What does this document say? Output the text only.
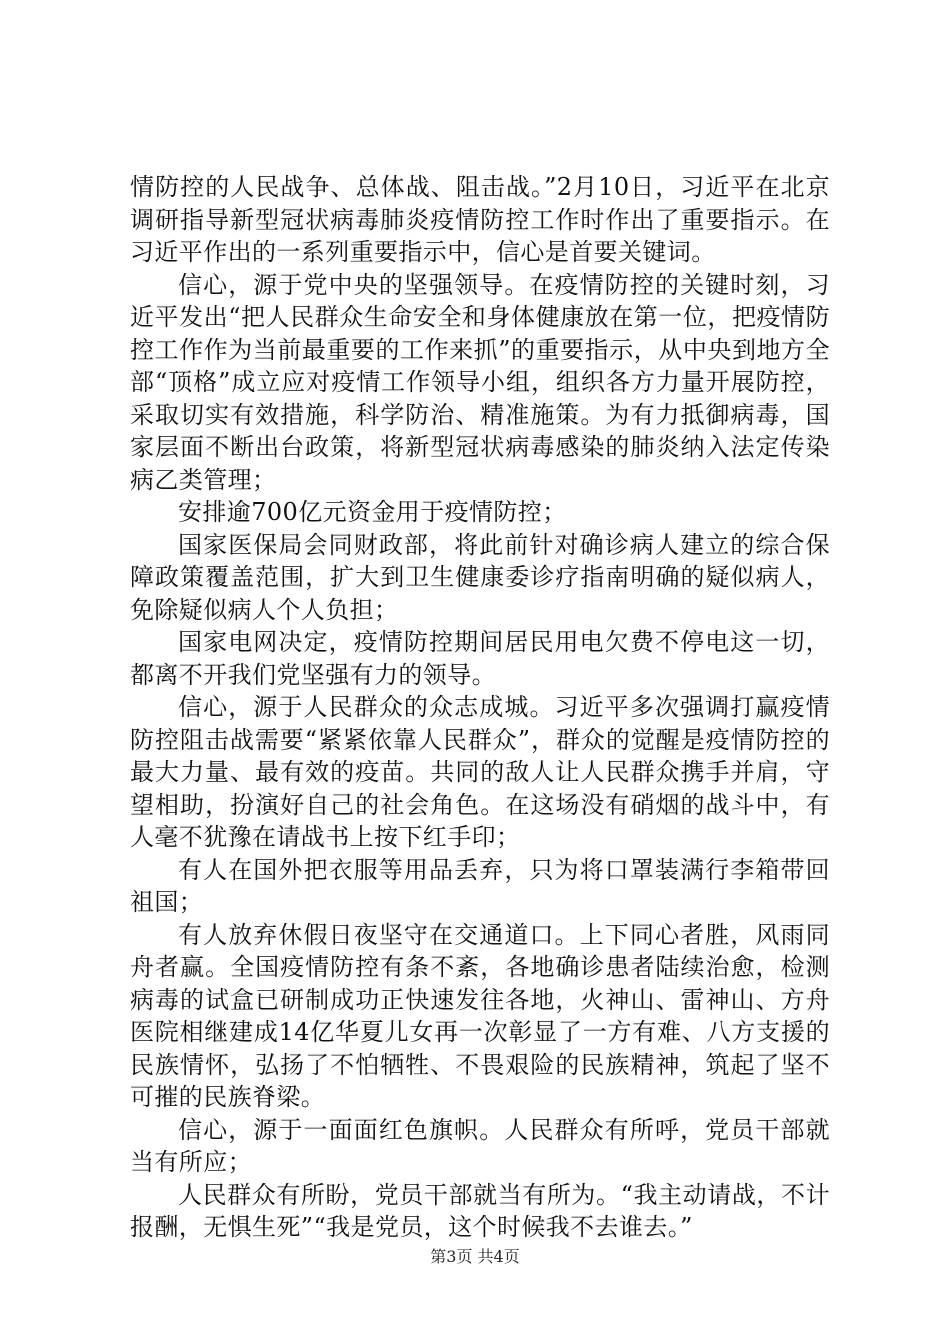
情防控的人民战争、总体战、阻击战。”2月10日，习近平在北京调研指导新型冠状病毒肺炎疫情防控工作时作出了重要指示。在习近平作出的一系列重要指示中，信心是首要关键词。

信心，源于党中央的坚强领导。在疫情防控的关键时刻，习近平发出“把人民群众生命安全和身体健康放在第一位，把疫情防控工作作为当前最重要的工作来抓”的重要指示，从中央到地方全部“顶格”成立应对疫情工作领导小组，组织各方力量开展防控，采取切实有效措施，科学防治、精准施策。为有力抵御病毒，国家层面不断出台政策，将新型冠状病毒感染的肺炎纳入法定传染病乙类管理；

安排逾700亿元资金用于疫情防控；

国家医保局会同财政部，将此前针对确诊病人建立的综合保障政策覆盖范围，扩大到卫生健康委诊疗指南明确的疑似病人，免除疑似病人个人负担；

国家电网决定，疫情防控期间居民用电欠费不停电这一切，都离不开我们党坚强有力的领导。

信心，源于人民群众的众志成城。习近平多次强调打赢疫情防控阻击战需要“紧紧依靠人民群众”，群众的觉醒是疫情防控的最大力量、最有效的疫苗。共同的敌人让人民群众携手并肩，守望相助，扮演好自己的社会角色。在这场没有硝烟的战斗中，有人毫不犹豫在请战书上按下红手印；

有人在国外把衣服等用品丢弃，只为将口罩装满行李箱带回祖国；

有人放弃休假日夜坚守在交通道口。上下同心者胜，风雨同舟者赢。全国疫情防控有条不紊，各地确诊患者陆续治愈，检测病毒的试盒已研制成功正快速发往各地，火神山、雷神山、方舟医院相继建成14亿华夏儿女再一次彰显了一方有难、八方支援的民族情怀，弘扬了不怕牺牲、不畏艰险的民族精神，筑起了坚不可摧的民族脊梁。

信心，源于一面面红色旗帜。人民群众有所呼，党员干部就当有所应；

人民群众有所盼，党员干部就当有所为。“我主动请战，不计报酬，无惧生死”“我是党员，这个时候我不去谁去。”

第3页 共4页
